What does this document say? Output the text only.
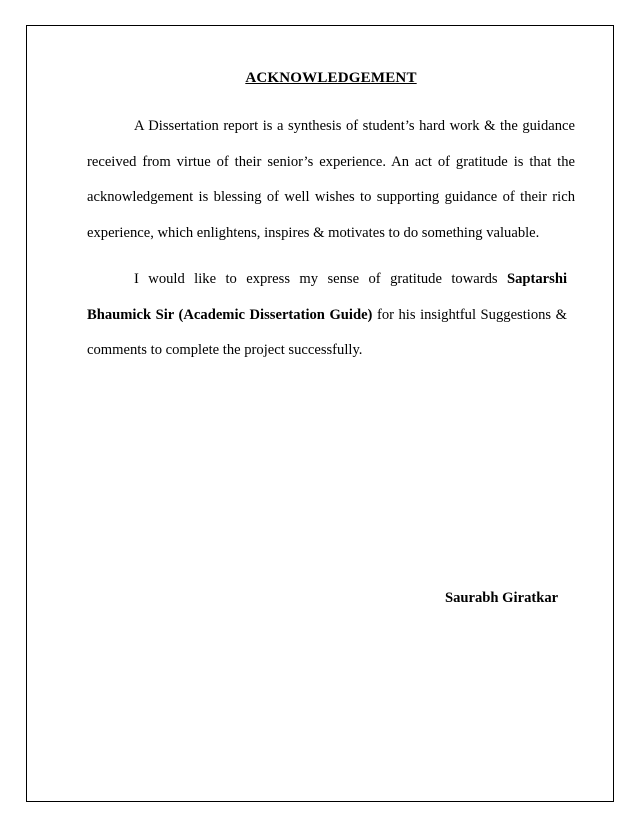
ACKNOWLEDGEMENT

A Dissertation report is a synthesis of student’s hard work & the guidance received from virtue of their senior’s experience. An act of gratitude is that the acknowledgement is blessing of well wishes to supporting guidance of their rich experience, which enlightens, inspires & motivates to do something valuable.

I would like to express my sense of gratitude towards Saptarshi Bhaumick Sir (Academic Dissertation Guide) for his insightful Suggestions & comments to complete the project successfully.

Saurabh Giratkar
